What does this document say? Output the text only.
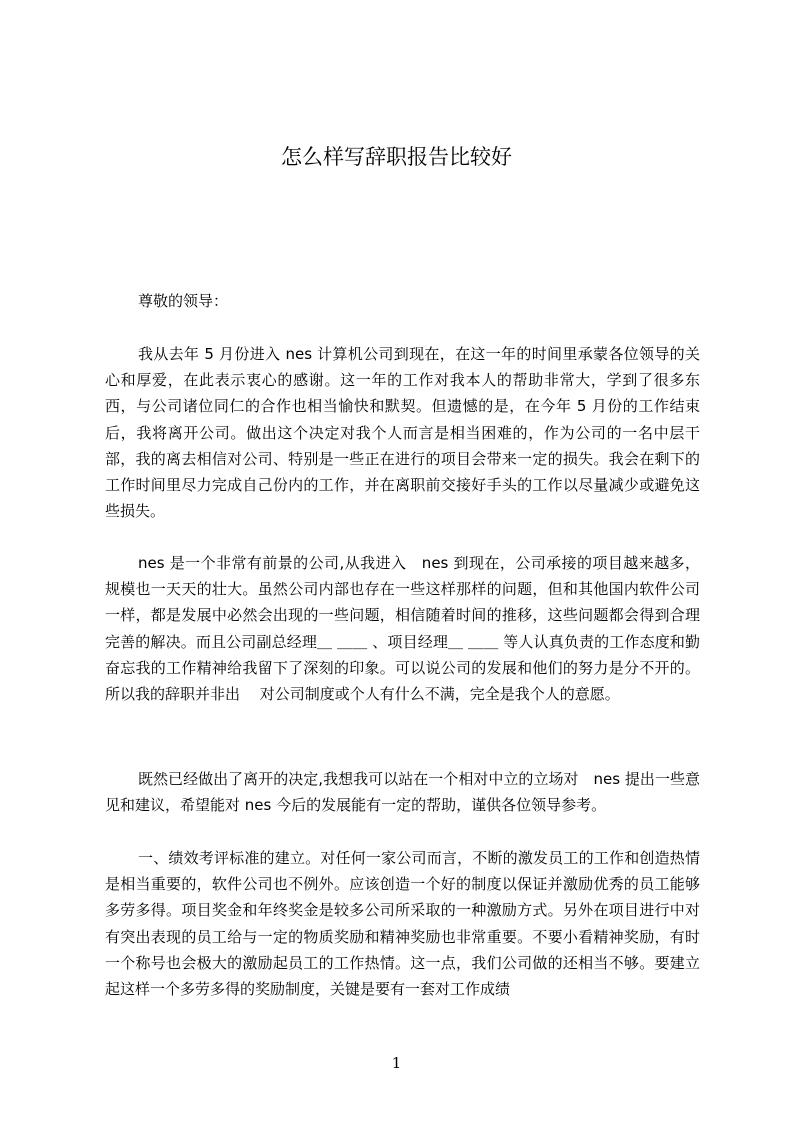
怎么样写辞职报告比较好
尊敬的领导：

我从去年 5 月份进入 nes 计算机公司到现在，在这一年的时间里承蒙各位领导的关心和厚爱，在此表示衷心的感谢。这一年的工作对我本人的帮助非常大，学到了很多东西，与公司诸位同仁的合作也相当愉快和默契。但遗憾的是，在今年 5 月份的工作结束后，我将离开公司。做出这个决定对我个人而言是相当困难的，作为公司的一名中层干部，我的离去相信对公司、特别是一些正在进行的项目会带来一定的损失。我会在剩下的工作时间里尽力完成自己份内的工作，并在离职前交接好手头的工作以尽量减少或避免这些损失。

nes 是一个非常有前景的公司,从我进入　nes 到现在，公司承接的项目越来越多，规模也一天天的壮大。虽然公司内部也存在一些这样那样的问题，但和其他国内软件公司一样，都是发展中必然会出现的一些问题，相信随着时间的推移，这些问题都会得到合理完善的解决。而且公司副总经理＿ ＿＿ 、项目经理＿ ＿＿ 等人认真负责的工作态度和勤奋忘我的工作精神给我留下了深刻的印象。可以说公司的发展和他们的努力是分不开的。所以我的辞职并非出　 对公司制度或个人有什么不满，完全是我个人的意愿。

既然已经做出了离开的决定,我想我可以站在一个相对中立的立场对　nes 提出一些意见和建议，希望能对 nes 今后的发展能有一定的帮助，谨供各位领导参考。

一、绩效考评标准的建立。对任何一家公司而言，不断的激发员工的工作和创造热情是相当重要的，软件公司也不例外。应该创造一个好的制度以保证并激励优秀的员工能够多劳多得。项目奖金和年终奖金是较多公司所采取的一种激励方式。另外在项目进行中对有突出表现的员工给与一定的物质奖励和精神奖励也非常重要。不要小看精神奖励，有时一个称号也会极大的激励起员工的工作热情。这一点，我们公司做的还相当不够。要建立起这样一个多劳多得的奖励制度，关键是要有一套对工作成绩

1
